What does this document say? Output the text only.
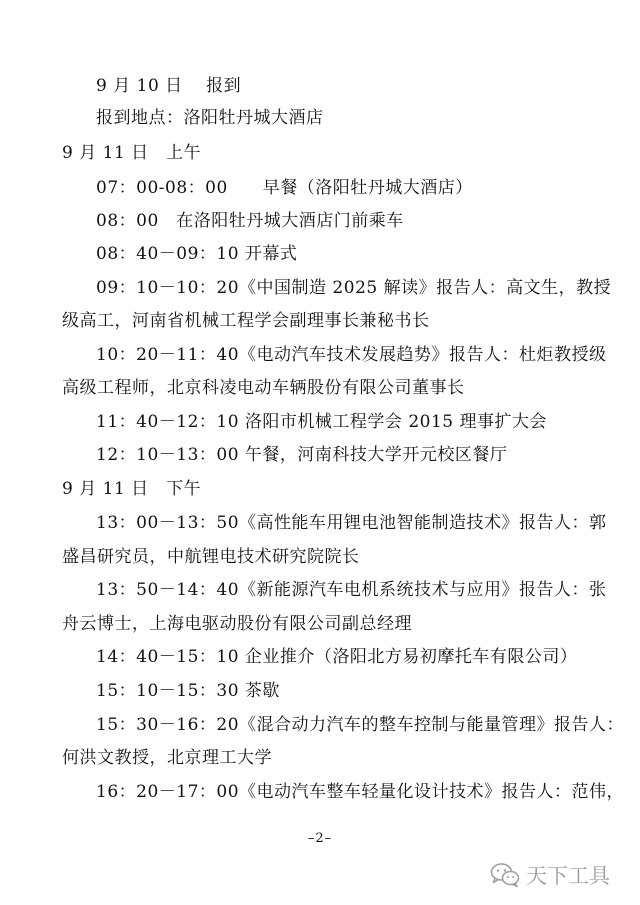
9 月 10 日　 报到
报到地点：洛阳牡丹城大酒店
9 月 11 日　上午
07：00-08：00　　早餐（洛阳牡丹城大酒店）
08：00　在洛阳牡丹城大酒店门前乘车
08：40－09：10 开幕式
09：10－10：20《中国制造 2025 解读》报告人：高文生，教授
级高工，河南省机械工程学会副理事长兼秘书长
10：20－11：40《电动汽车技术发展趋势》报告人：杜炬教授级
高级工程师，北京科凌电动车辆股份有限公司董事长
11：40－12：10 洛阳市机械工程学会 2015 理事扩大会
12：10－13：00 午餐，河南科技大学开元校区餐厅
9 月 11 日　下午
13：00－13：50《高性能车用锂电池智能制造技术》报告人：郭
盛昌研究员，中航锂电技术研究院院长
13：50－14：40《新能源汽车电机系统技术与应用》报告人：张
舟云博士，上海电驱动股份有限公司副总经理
14：40－15：10 企业推介（洛阳北方易初摩托车有限公司）
15：10－15：30 茶歇
15：30－16：20《混合动力汽车的整车控制与能量管理》报告人：
何洪文教授，北京理工大学
16：20－17：00《电动汽车整车轻量化设计技术》报告人：范伟，
–2–
天下工具
